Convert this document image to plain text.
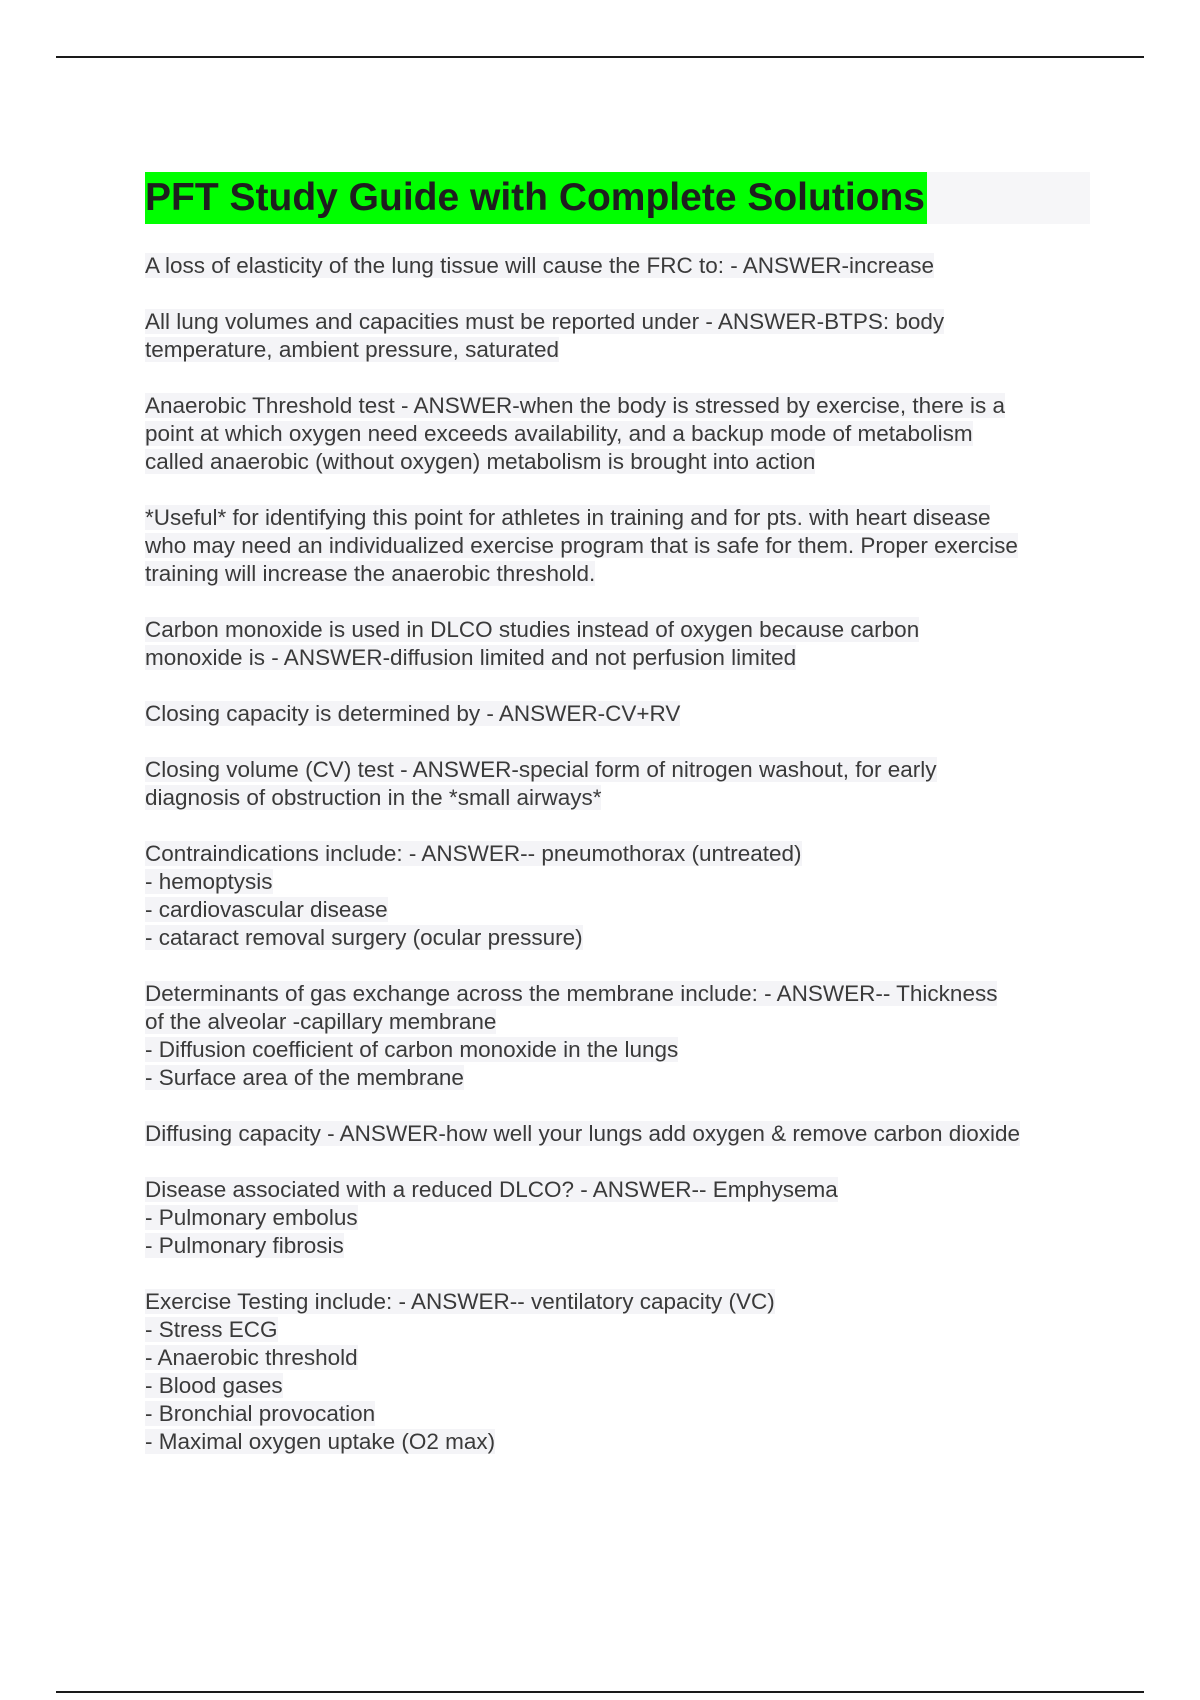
PFT Study Guide with Complete Solutions
A loss of elasticity of the lung tissue will cause the FRC to: - ANSWER-increase
All lung volumes and capacities must be reported under - ANSWER-BTPS: body
temperature, ambient pressure, saturated
Anaerobic Threshold test - ANSWER-when the body is stressed by exercise, there is a
point at which oxygen need exceeds availability, and a backup mode of metabolism
called anaerobic (without oxygen) metabolism is brought into action
*Useful* for identifying this point for athletes in training and for pts. with heart disease
who may need an individualized exercise program that is safe for them. Proper exercise
training will increase the anaerobic threshold.
Carbon monoxide is used in DLCO studies instead of oxygen because carbon
monoxide is - ANSWER-diffusion limited and not perfusion limited
Closing capacity is determined by - ANSWER-CV+RV
Closing volume (CV) test - ANSWER-special form of nitrogen washout, for early
diagnosis of obstruction in the *small airways*
Contraindications include: - ANSWER-- pneumothorax (untreated)
- hemoptysis
- cardiovascular disease
- cataract removal surgery (ocular pressure)
Determinants of gas exchange across the membrane include: - ANSWER-- Thickness
of the alveolar -capillary membrane
- Diffusion coefficient of carbon monoxide in the lungs
- Surface area of the membrane
Diffusing capacity - ANSWER-how well your lungs add oxygen & remove carbon dioxide
Disease associated with a reduced DLCO? - ANSWER-- Emphysema
- Pulmonary embolus
- Pulmonary fibrosis
Exercise Testing include: - ANSWER-- ventilatory capacity (VC)
- Stress ECG
- Anaerobic threshold
- Blood gases
- Bronchial provocation
- Maximal oxygen uptake (O2 max)
